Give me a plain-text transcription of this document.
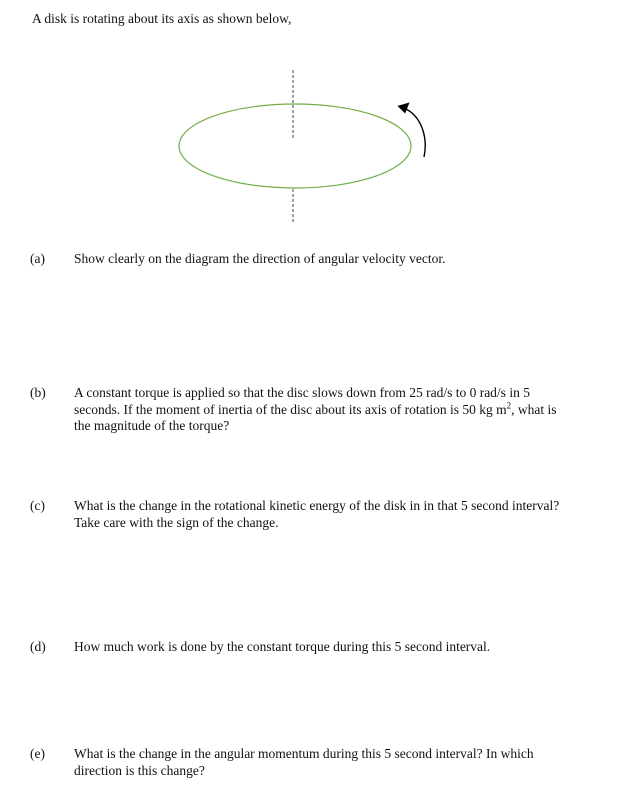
A disk is rotating about its axis as shown below,

(a) Show clearly on the diagram the direction of angular velocity vector.
(b) A constant torque is applied so that the disc slows down from 25 rad/s to 0 rad/s in 5 seconds. If the moment of inertia of the disc about its axis of rotation is 50 kg $m^2$, what is the magnitude of the torque?
(c) What is the change in the rotational kinetic energy of the disk in in that 5 second interval? Take care with the sign of the change.
(d) How much work is done by the constant torque during this 5 second interval.
(e) What is the change in the angular momentum during this 5 second interval? In which direction is this change?
